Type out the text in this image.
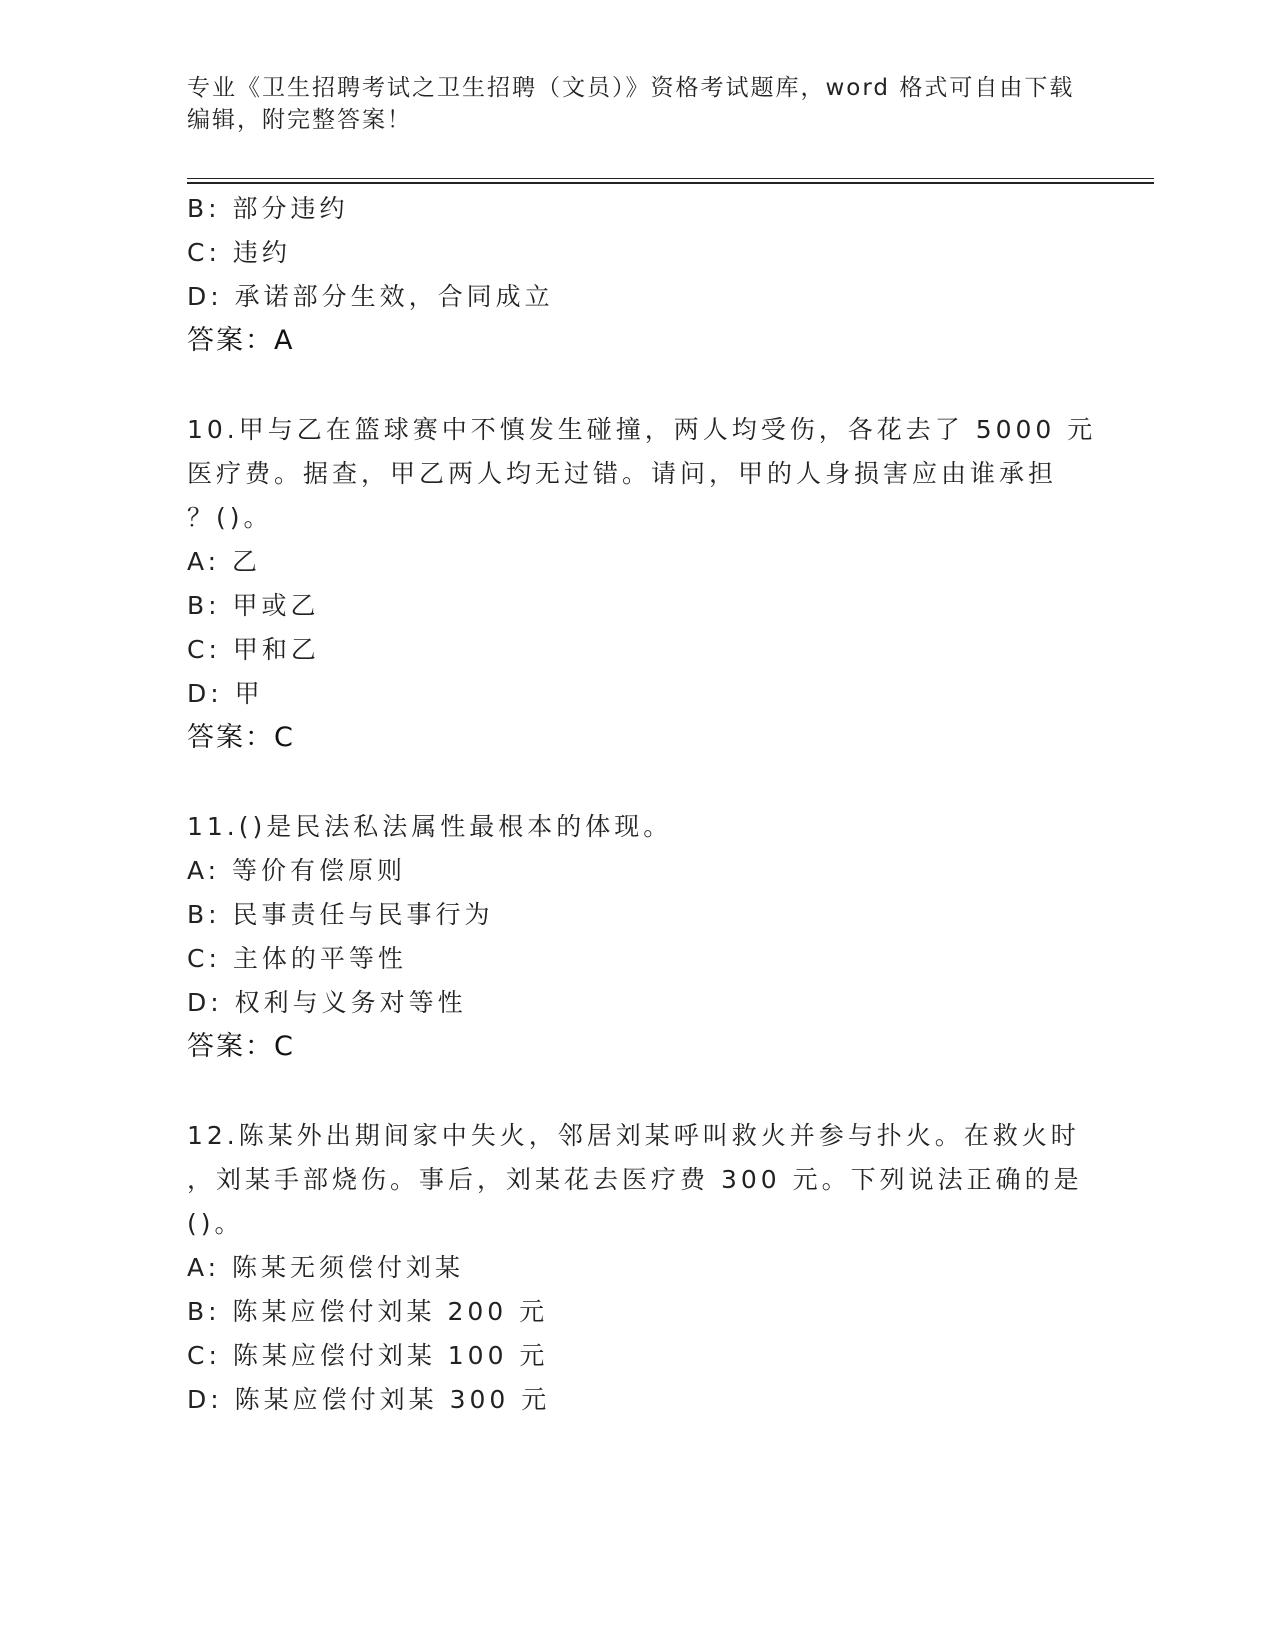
专业《卫生招聘考试之卫生招聘（文员）》资格考试题库，word 格式可自由下载
编辑，附完整答案！
B: 部分违约
C: 违约
D: 承诺部分生效，合同成立
答案：A
10.甲与乙在篮球赛中不慎发生碰撞，两人均受伤，各花去了 5000 元
医疗费。据查，甲乙两人均无过错。请问，甲的人身损害应由谁承担
？()。
A: 乙
B: 甲或乙
C: 甲和乙
D: 甲
答案：C
11.()是民法私法属性最根本的体现。
A: 等价有偿原则
B: 民事责任与民事行为
C: 主体的平等性
D: 权利与义务对等性
答案：C
12.陈某外出期间家中失火，邻居刘某呼叫救火并参与扑火。在救火时
，刘某手部烧伤。事后，刘某花去医疗费 300 元。下列说法正确的是
()。
A: 陈某无须偿付刘某
B: 陈某应偿付刘某 200 元
C: 陈某应偿付刘某 100 元
D: 陈某应偿付刘某 300 元
